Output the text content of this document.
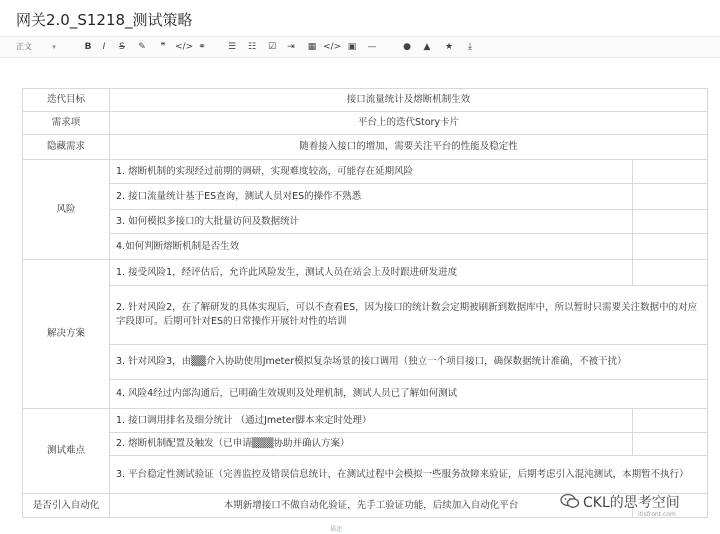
网关2.0_S1218_测试策略
正文	▾	B I S ✎ ❞ </> ⚭ ☰ ☷ ☑ ⇥ ▦ </> ▣ —	● ▲ ★	⤓
迭代目标	接口流量统计及熔断机制生效	
需求项	平台上的迭代Story卡片	
隐藏需求	随着接入接口的增加，需要关注平台的性能及稳定性	
风险	1. 熔断机制的实现经过前期的调研，实现难度较高，可能存在延期风险	
	2. 接口流量统计基于ES查询，测试人员对ES的操作不熟悉	
	3. 如何模拟多接口的大批量访问及数据统计	
	4.如何判断熔断机制是否生效	
解决方案	1. 接受风险1，经评估后，允许此风险发生，测试人员在站会上及时跟进研发进度	
	2. 针对风险2，在了解研发的具体实现后，可以不查看ES，因为接口的统计数会定期被刷新到数据库中，所以暂时只需要关注数据中的对应字段即可。后期可针对ES的日常操作开展针对性的培训	
	3. 针对风险3，由▒▒介入协助使用Jmeter模拟复杂场景的接口调用（独立一个项目接口，确保数据统计准确，不被干扰）	
	4. 风险4经过内部沟通后，已明确生效规则及处理机制，测试人员已了解如何测试	
测试难点	1. 接口调用排名及细分统计 （通过Jmeter脚本来定时处理）	
	2. 熔断机制配置及触发（已申请▒▒▒协助并确认方案）	
	3. 平台稳定性测试验证（完善监控及错误信息统计，在测试过程中会模拟一些服务故障来验证，后期考虑引入混沌测试，本期暂不执行）	
是否引入自动化	本期新增接口不做自动化验证，先手工验证功能，后续加入自动化平台		CKL的思考空间
itisfront.com
描述
